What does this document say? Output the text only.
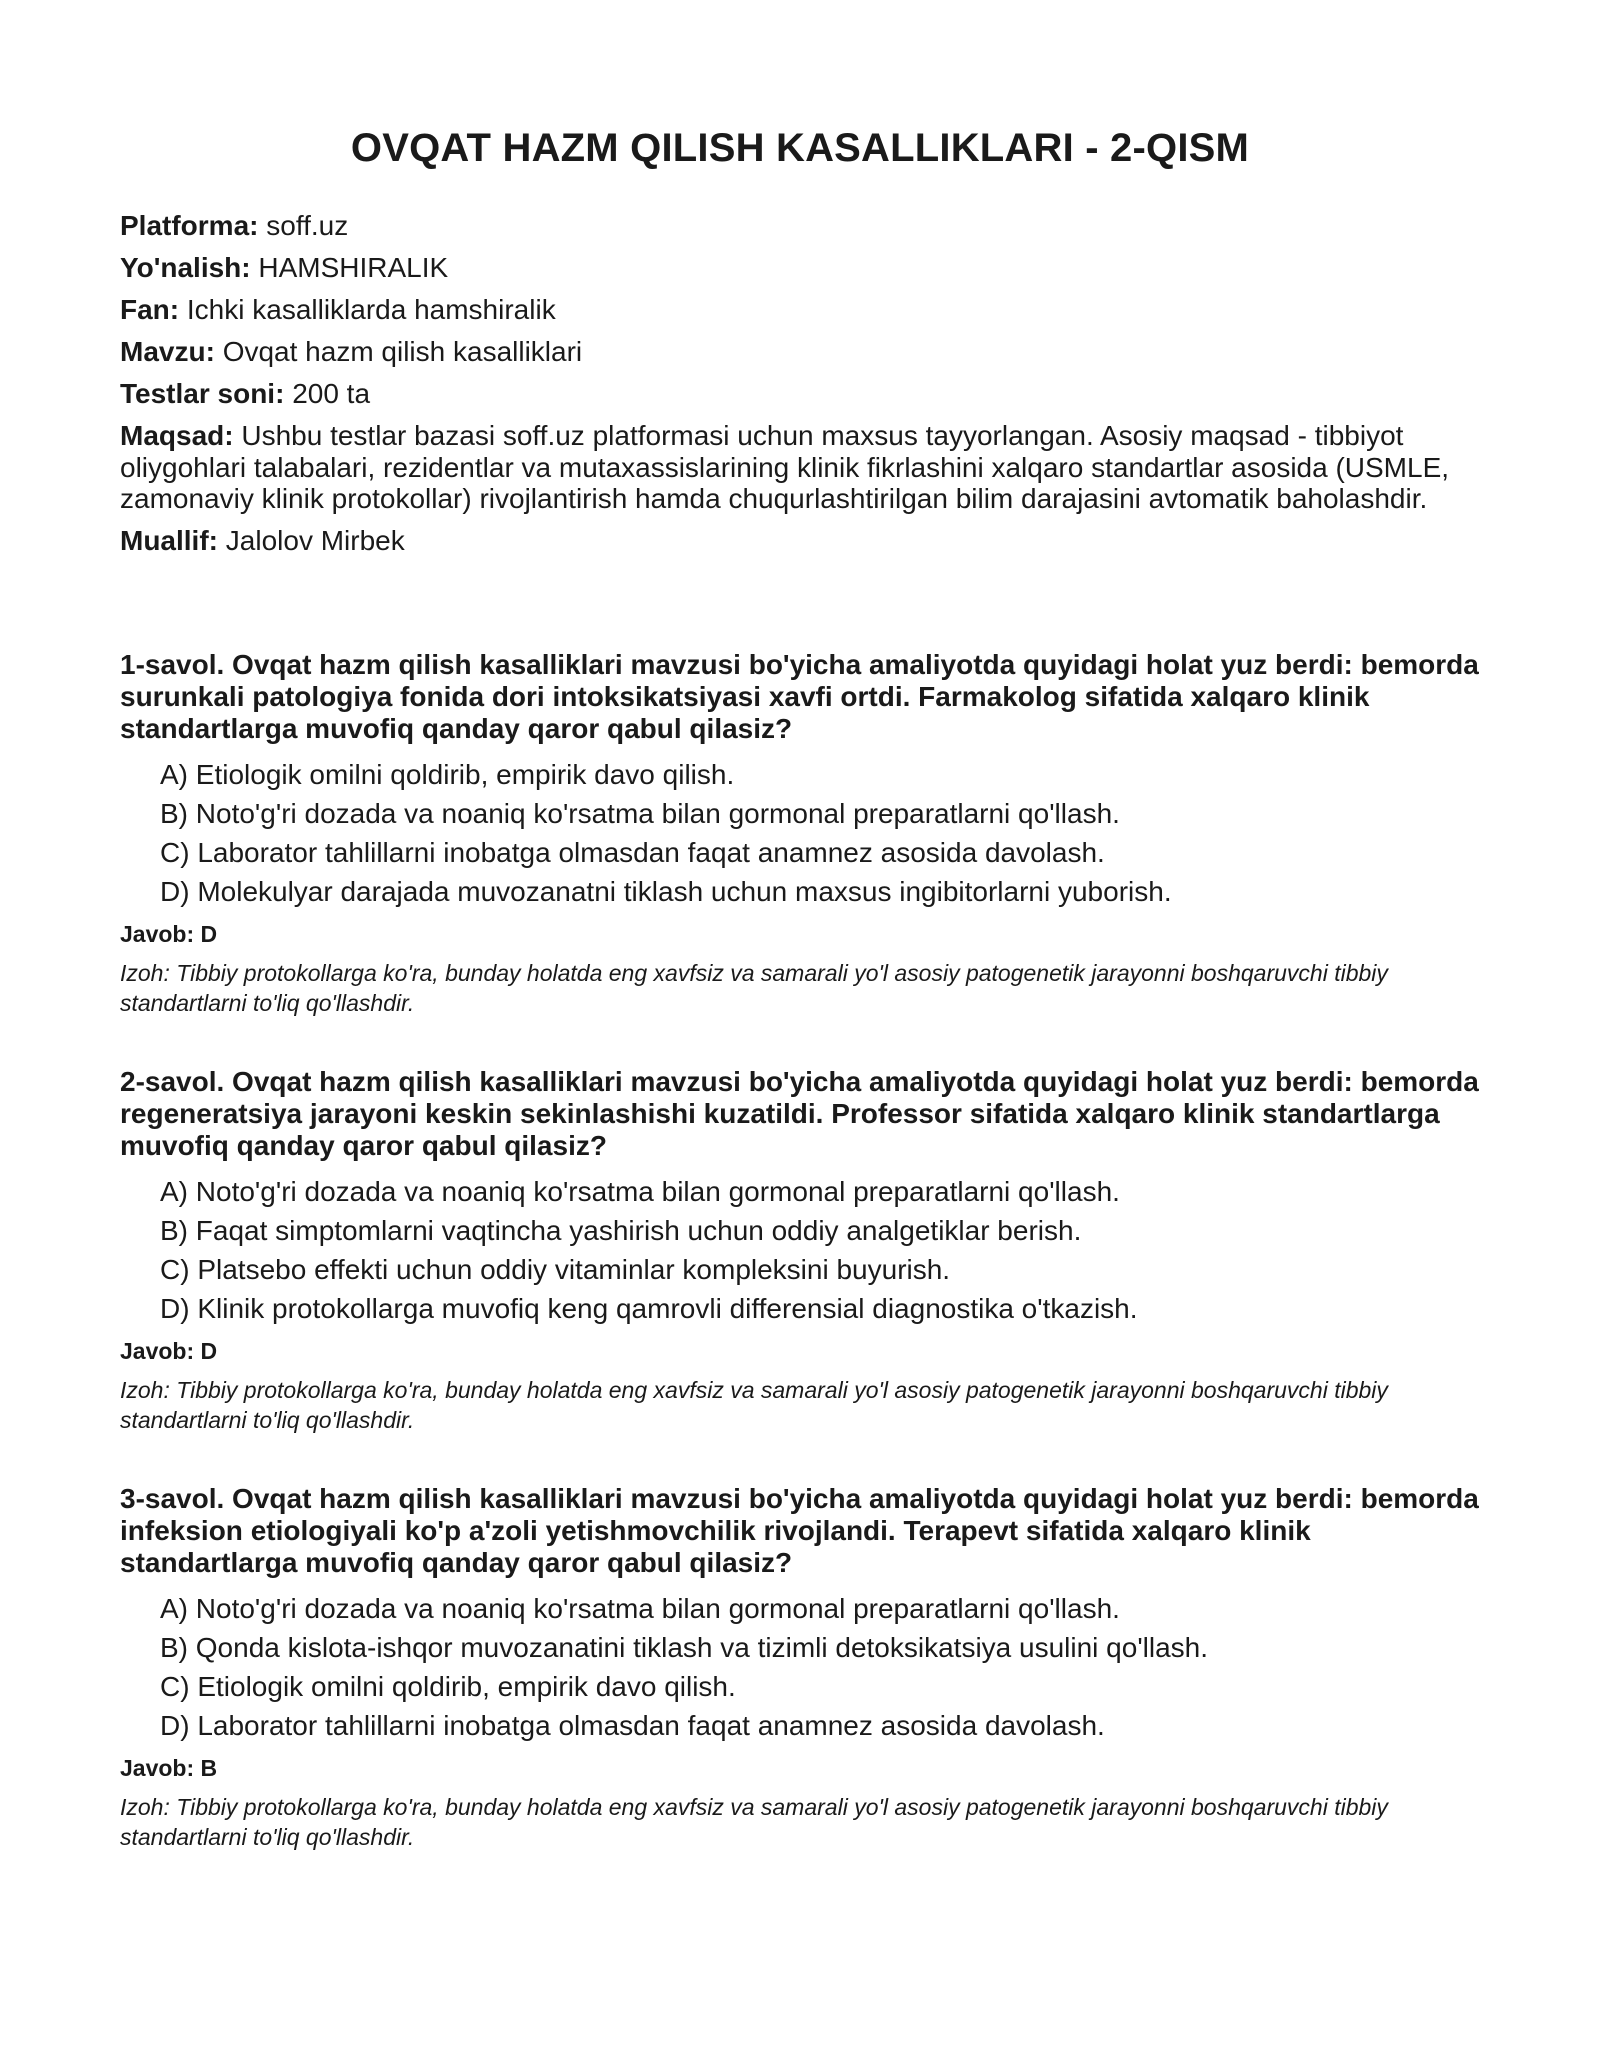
OVQAT HAZM QILISH KASALLIKLARI - 2-QISM
Platforma: soff.uz
Yo'nalish: HAMSHIRALIK
Fan: Ichki kasalliklarda hamshiralik
Mavzu: Ovqat hazm qilish kasalliklari
Testlar soni: 200 ta
Maqsad: Ushbu testlar bazasi soff.uz platformasi uchun maxsus tayyorlangan. Asosiy maqsad - tibbiyot oliygohlari talabalari, rezidentlar va mutaxassislarining klinik fikrlashini xalqaro standartlar asosida (USMLE, zamonaviy klinik protokollar) rivojlantirish hamda chuqurlashtirilgan bilim darajasini avtomatik baholashdir.
Muallif: Jalolov Mirbek

1-savol. Ovqat hazm qilish kasalliklari mavzusi bo'yicha amaliyotda quyidagi holat yuz berdi: bemorda surunkali patologiya fonida dori intoksikatsiyasi xavfi ortdi. Farmakolog sifatida xalqaro klinik standartlarga muvofiq qanday qaror qabul qilasiz?

A) Etiologik omilni qoldirib, empirik davo qilish.
B) Noto'g'ri dozada va noaniq ko'rsatma bilan gormonal preparatlarni qo'llash.
C) Laborator tahlillarni inobatga olmasdan faqat anamnez asosida davolash.
D) Molekulyar darajada muvozanatni tiklash uchun maxsus ingibitorlarni yuborish.
Javob: D
Izoh: Tibbiy protokollarga ko'ra, bunday holatda eng xavfsiz va samarali yo'l asosiy patogenetik jarayonni boshqaruvchi tibbiy standartlarni to'liq qo'llashdir.

2-savol. Ovqat hazm qilish kasalliklari mavzusi bo'yicha amaliyotda quyidagi holat yuz berdi: bemorda regeneratsiya jarayoni keskin sekinlashishi kuzatildi. Professor sifatida xalqaro klinik standartlarga muvofiq qanday qaror qabul qilasiz?

A) Noto'g'ri dozada va noaniq ko'rsatma bilan gormonal preparatlarni qo'llash.
B) Faqat simptomlarni vaqtincha yashirish uchun oddiy analgetiklar berish.
C) Platsebo effekti uchun oddiy vitaminlar kompleksini buyurish.
D) Klinik protokollarga muvofiq keng qamrovli differensial diagnostika o'tkazish.
Javob: D
Izoh: Tibbiy protokollarga ko'ra, bunday holatda eng xavfsiz va samarali yo'l asosiy patogenetik jarayonni boshqaruvchi tibbiy standartlarni to'liq qo'llashdir.

3-savol. Ovqat hazm qilish kasalliklari mavzusi bo'yicha amaliyotda quyidagi holat yuz berdi: bemorda infeksion etiologiyali ko'p a'zoli yetishmovchilik rivojlandi. Terapevt sifatida xalqaro klinik standartlarga muvofiq qanday qaror qabul qilasiz?

A) Noto'g'ri dozada va noaniq ko'rsatma bilan gormonal preparatlarni qo'llash.
B) Qonda kislota-ishqor muvozanatini tiklash va tizimli detoksikatsiya usulini qo'llash.
C) Etiologik omilni qoldirib, empirik davo qilish.
D) Laborator tahlillarni inobatga olmasdan faqat anamnez asosida davolash.
Javob: B
Izoh: Tibbiy protokollarga ko'ra, bunday holatda eng xavfsiz va samarali yo'l asosiy patogenetik jarayonni boshqaruvchi tibbiy standartlarni to'liq qo'llashdir.
